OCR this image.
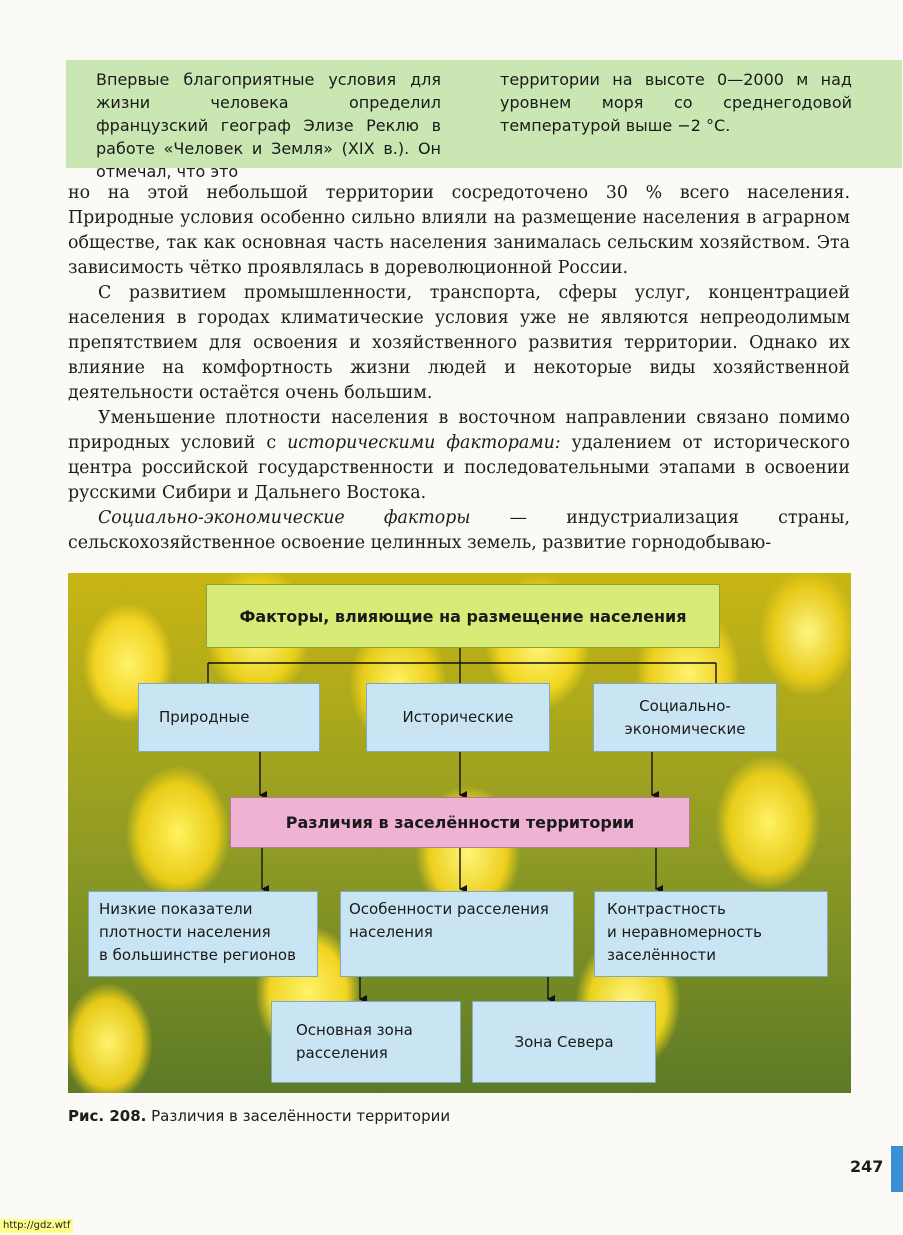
Впервые благоприятные условия для жизни человека определил французский географ Элизе Реклю в работе «Человек и Земля» (XIX в.). Он отмечал, что это
территории на высоте 0—2000 м над уровнем моря со среднегодовой температурой выше −2 °С.

но на этой небольшой территории сосредоточено 30 % всего населения. Природные условия особенно сильно влияли на размещение населения в аграрном обществе, так как основная часть населения занималась сельским хозяйством. Эта зависимость чётко проявлялась в дореволюционной России.

С развитием промышленности, транспорта, сферы услуг, концентрацией населения в городах климатические условия уже не являются непреодолимым препятствием для освоения и хозяйственного развития территории. Однако их влияние на комфортность жизни людей и некоторые виды хозяйственной деятельности остаётся очень большим.

Уменьшение плотности населения в восточном направлении связано помимо природных условий с историческими факторами: удалением от исторического центра российской государственности и последовательными этапами в освоении русскими Сибири и Дальнего Востока.

Социально-экономические факторы — индустриализация страны, сельскохозяйственное освоение целинных земель, развитие горнодобываю-

Факторы, влияющие на размещение населения
Природные	Исторические
Социально-
экономические
Различия в заселённости территории
Низкие показатели
плотности населения
в большинстве регионов
Особенности расселения
населения
Контрастность
и неравномерность
заселённости
Основная зона
расселения
Зона Севера
Рис. 208. Различия в заселённости территории
247
http://gdz.wtf
